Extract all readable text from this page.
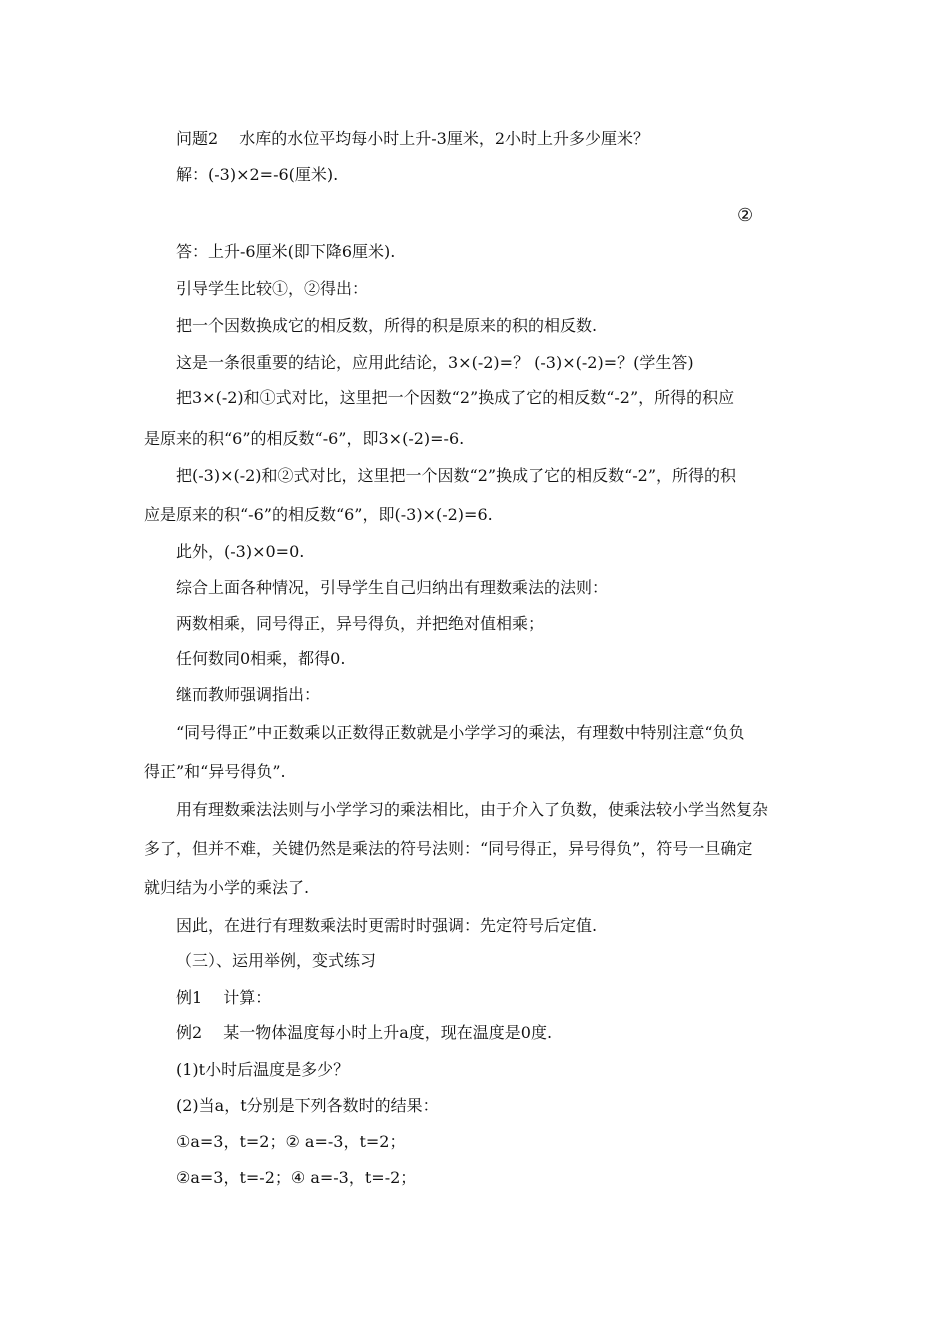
问题2　 水库的水位平均每小时上升-3厘米，2小时上升多少厘米？
解：(-3)×2=-6(厘米).
②
答：上升-6厘米(即下降6厘米).
引导学生比较①，②得出：
把一个因数换成它的相反数，所得的积是原来的积的相反数.
这是一条很重要的结论，应用此结论，3×(-2)=？ (-3)×(-2)=？(学生答)
把3×(-2)和①式对比，这里把一个因数“2”换成了它的相反数“-2”，所得的积应
是原来的积“6”的相反数“-6”，即3×(-2)=-6.
把(-3)×(-2)和②式对比，这里把一个因数“2”换成了它的相反数“-2”，所得的积
应是原来的积“-6”的相反数“6”，即(-3)×(-2)=6.
此外，(-3)×0=0.
综合上面各种情况，引导学生自己归纳出有理数乘法的法则：
两数相乘，同号得正，异号得负，并把绝对值相乘；
任何数同0相乘，都得0.
继而教师强调指出：
“同号得正”中正数乘以正数得正数就是小学学习的乘法，有理数中特别注意“负负
得正”和“异号得负”.
用有理数乘法法则与小学学习的乘法相比，由于介入了负数，使乘法较小学当然复杂
多了，但并不难，关键仍然是乘法的符号法则：“同号得正，异号得负”，符号一旦确定
就归结为小学的乘法了.
因此，在进行有理数乘法时更需时时强调：先定符号后定值.
（三）、运用举例，变式练习
例1　 计算：
例2　 某一物体温度每小时上升a度，现在温度是0度.
(1)t小时后温度是多少？
(2)当a，t分别是下列各数时的结果：
①a=3，t=2；② a=-3，t=2；
②a=3，t=-2；④ a=-3，t=-2；
